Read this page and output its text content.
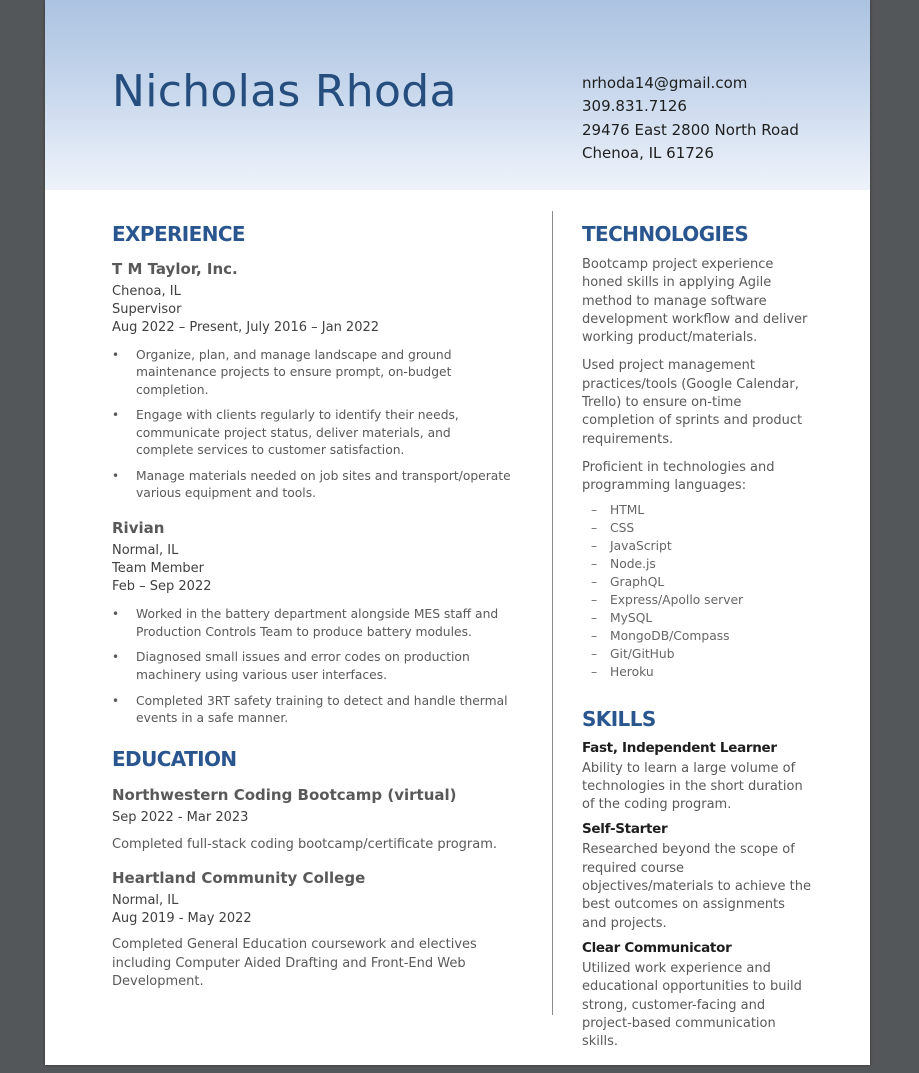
Nicholas Rhoda	nrhoda14@gmail.com
309.831.7126
29476 East 2800 North Road
Chenoa, IL 61726
EXPERIENCE
T M Taylor, Inc.
Chenoa, IL
Supervisor
Aug 2022 – Present, July 2016 – Jan 2022
• Organize, plan, and manage landscape and ground maintenance projects to ensure prompt, on-budget completion.
• Engage with clients regularly to identify their needs, communicate project status, deliver materials, and complete services to customer satisfaction.
• Manage materials needed on job sites and transport/operate various equipment and tools.
Rivian
Normal, IL
Team Member
Feb – Sep 2022
• Worked in the battery department alongside MES staff and Production Controls Team to produce battery modules.
• Diagnosed small issues and error codes on production machinery using various user interfaces.
• Completed 3RT safety training to detect and handle thermal events in a safe manner.
EDUCATION
Northwestern Coding Bootcamp (virtual)
Sep 2022 - Mar 2023

Completed full-stack coding bootcamp/certificate program.

Heartland Community College
Normal, IL
Aug 2019 - May 2022

Completed General Education coursework and electives including Computer Aided Drafting and Front-End Web Development.

TECHNOLOGIES

Bootcamp project experience honed skills in applying Agile method to manage software development workflow and deliver working product/materials.

Used project management practices/tools (Google Calendar, Trello) to ensure on-time completion of sprints and product requirements.

Proficient in technologies and programming languages:

– HTML
– CSS
– JavaScript
– Node.js
– GraphQL
– Express/Apollo server
– MySQL
– MongoDB/Compass
– Git/GitHub
– Heroku
SKILLS
Fast, Independent Learner

Ability to learn a large volume of technologies in the short duration of the coding program.

Self-Starter

Researched beyond the scope of required course objectives/materials to achieve the best outcomes on assignments and projects.

Clear Communicator

Utilized work experience and educational opportunities to build strong, customer-facing and project-based communication skills.
